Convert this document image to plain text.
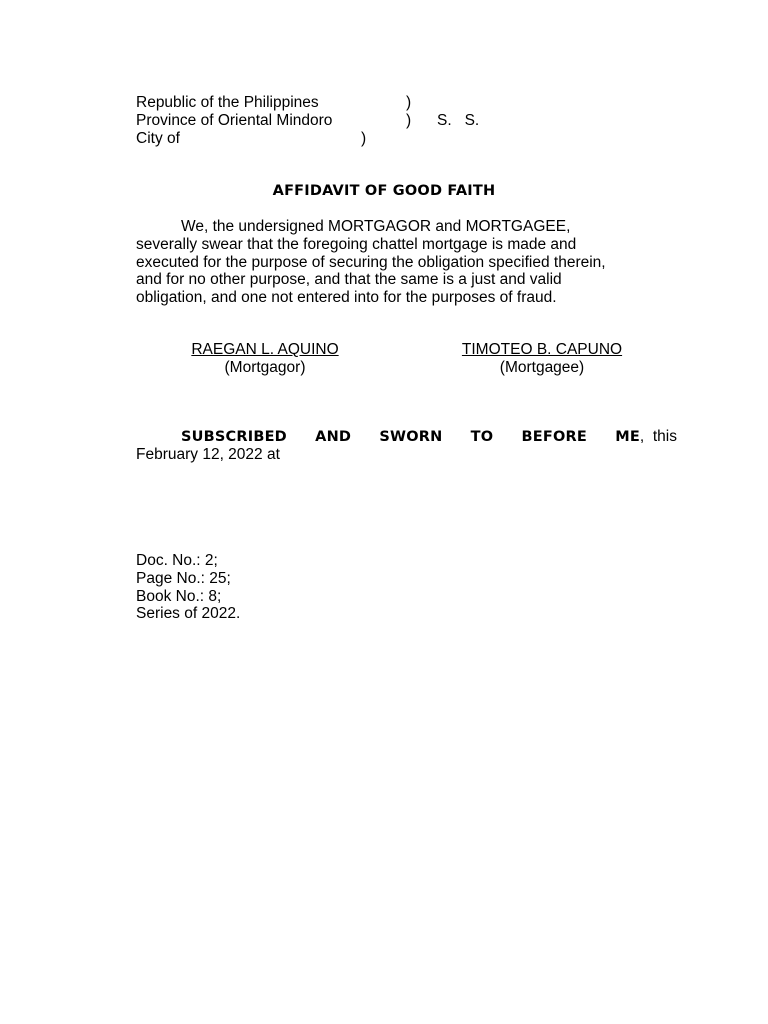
Republic of the Philippines	)
Province of Oriental Mindoro	) S.   S.
City of	)
AFFIDAVIT OF GOOD FAITH
We, the undersigned MORTGAGOR and MORTGAGEE,
severally swear that the foregoing chattel mortgage is made and
executed for the purpose of securing the obligation specified therein,
and for no other purpose, and that the same is a just and valid
obligation, and one not entered into for the purposes of fraud.
RAEGAN L. AQUINO
(Mortgagor)
TIMOTEO B. CAPUNO
(Mortgagee)
SUBSCRIBED AND SWORN TO BEFORE ME,  this
February 12, 2022 at
Doc. No.: 2;
Page No.: 25;
Book No.: 8;
Series of 2022.
